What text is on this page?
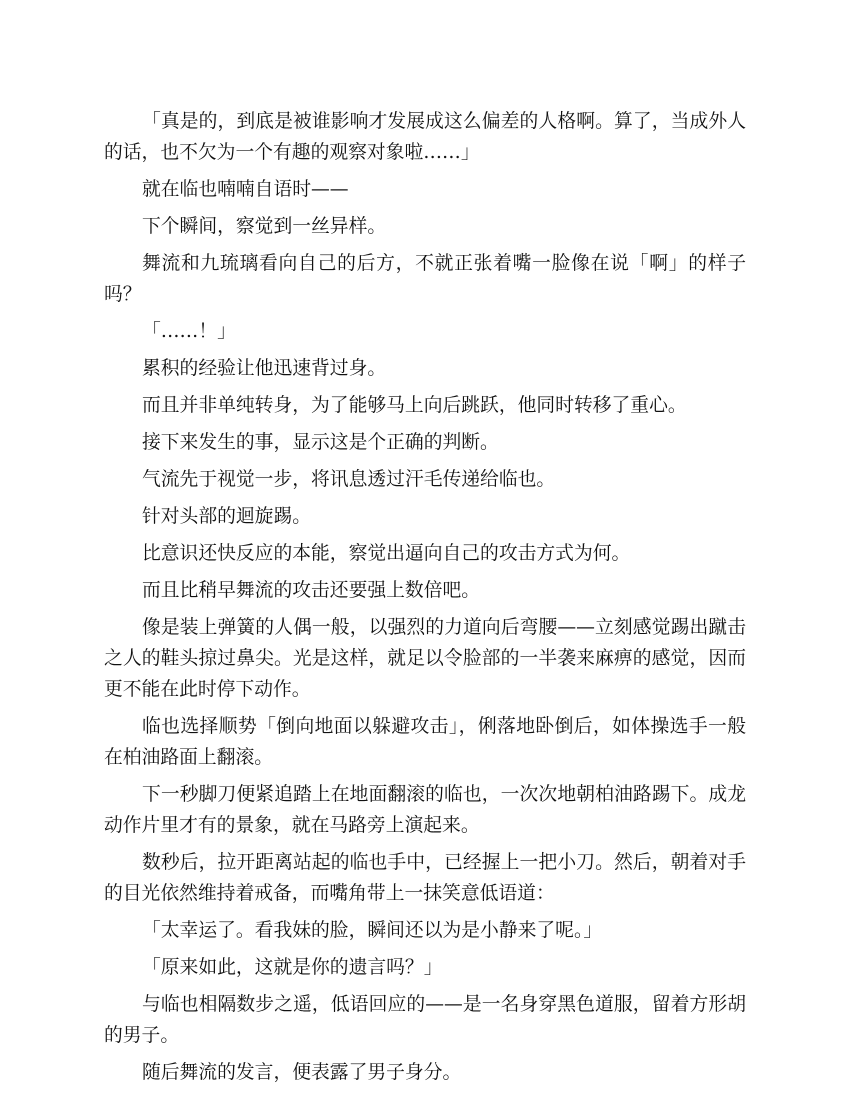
「真是的，到底是被谁影响才发展成这么偏差的人格啊。算了，当成外人的话，也不欠为一个有趣的观察对象啦……」

就在临也喃喃自语时——

下个瞬间，察觉到一丝异样。

舞流和九琉璃看向自己的后方，不就正张着嘴一脸像在说「啊」的样子吗？

「……！」

累积的经验让他迅速背过身。

而且并非单纯转身，为了能够马上向后跳跃，他同时转移了重心。

接下来发生的事，显示这是个正确的判断。

气流先于视觉一步，将讯息透过汗毛传递给临也。

针对头部的迴旋踢。

比意识还快反应的本能，察觉出逼向自己的攻击方式为何。

而且比稍早舞流的攻击还要强上数倍吧。

像是装上弹簧的人偶一般，以强烈的力道向后弯腰——立刻感觉踢出蹴击之人的鞋头掠过鼻尖。光是这样，就足以令脸部的一半袭来麻痹的感觉，因而更不能在此时停下动作。

临也选择顺势「倒向地面以躲避攻击」，俐落地卧倒后，如体操选手一般在柏油路面上翻滚。

下一秒脚刀便紧追踏上在地面翻滚的临也，一次次地朝柏油路踢下。成龙动作片里才有的景象，就在马路旁上演起来。

数秒后，拉开距离站起的临也手中，已经握上一把小刀。然后，朝着对手的目光依然维持着戒备，而嘴角带上一抹笑意低语道：

「太幸运了。看我妹的脸，瞬间还以为是小静来了呢。」

「原来如此，这就是你的遗言吗？」

与临也相隔数步之遥，低语回应的——是一名身穿黑色道服，留着方形胡的男子。

随后舞流的发言，便表露了男子身分。
